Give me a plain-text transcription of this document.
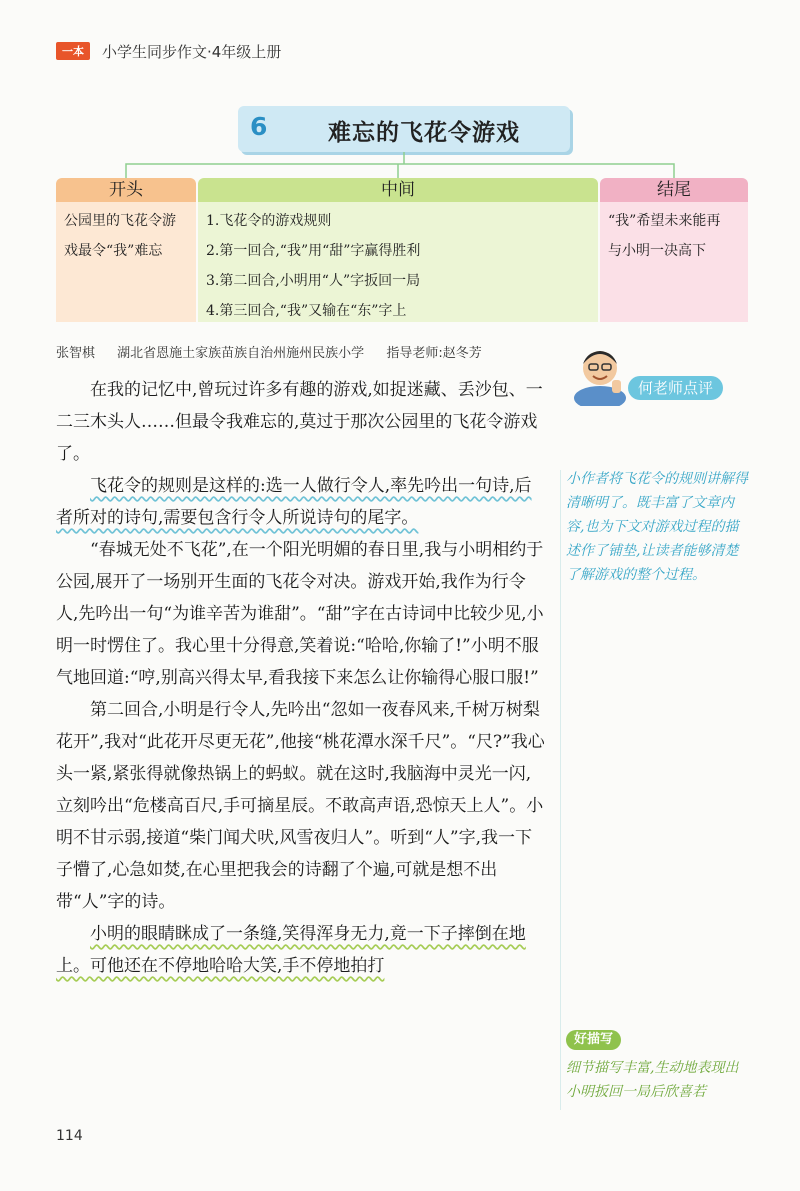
一本	小学生同步作文·4年级上册
6	难忘的飞花令游戏
开头
公园里的飞花令游
戏最令“我”难忘
中间
1.飞花令的游戏规则
2.第一回合,“我”用“甜”字赢得胜利
3.第二回合,小明用“人”字扳回一局
4.第三回合,“我”又输在“东”字上
结尾
“我”希望未来能再
与小明一决高下
张智棋 湖北省恩施土家族苗族自治州施州民族小学 指导老师:赵冬芳

在我的记忆中,曾玩过许多有趣的游戏,如捉迷藏、丢沙包、一二三木头人……但最令我难忘的,莫过于那次公园里的飞花令游戏了。

飞花令的规则是这样的:选一人做行令人,率先吟出一句诗,后者所对的诗句,需要包含行令人所说诗句的尾字。

“春城无处不飞花”,在一个阳光明媚的春日里,我与小明相约于公园,展开了一场别开生面的飞花令对决。游戏开始,我作为行令人,先吟出一句“为谁辛苦为谁甜”。“甜”字在古诗词中比较少见,小明一时愣住了。我心里十分得意,笑着说:“哈哈,你输了!”小明不服气地回道:“哼,别高兴得太早,看我接下来怎么让你输得心服口服!”

第二回合,小明是行令人,先吟出“忽如一夜春风来,千树万树梨花开”,我对“此花开尽更无花”,他接“桃花潭水深千尺”。“尺?”我心头一紧,紧张得就像热锅上的蚂蚁。就在这时,我脑海中灵光一闪,立刻吟出“危楼高百尺,手可摘星辰。不敢高声语,恐惊天上人”。小明不甘示弱,接道“柴门闻犬吠,风雪夜归人”。听到“人”字,我一下子懵了,心急如焚,在心里把我会的诗翻了个遍,可就是想不出带“人”字的诗。

小明的眼睛眯成了一条缝,笑得浑身无力,竟一下子摔倒在地上。可他还在不停地哈哈大笑,手不停地拍打

何老师点评
小作者将飞花令的规则讲解得清晰明了。既丰富了文章内容,也为下文对游戏过程的描述作了铺垫,让读者能够清楚了解游戏的整个过程。
好描写
细节描写丰富,生动地表现出小明扳回一局后欣喜若
114
